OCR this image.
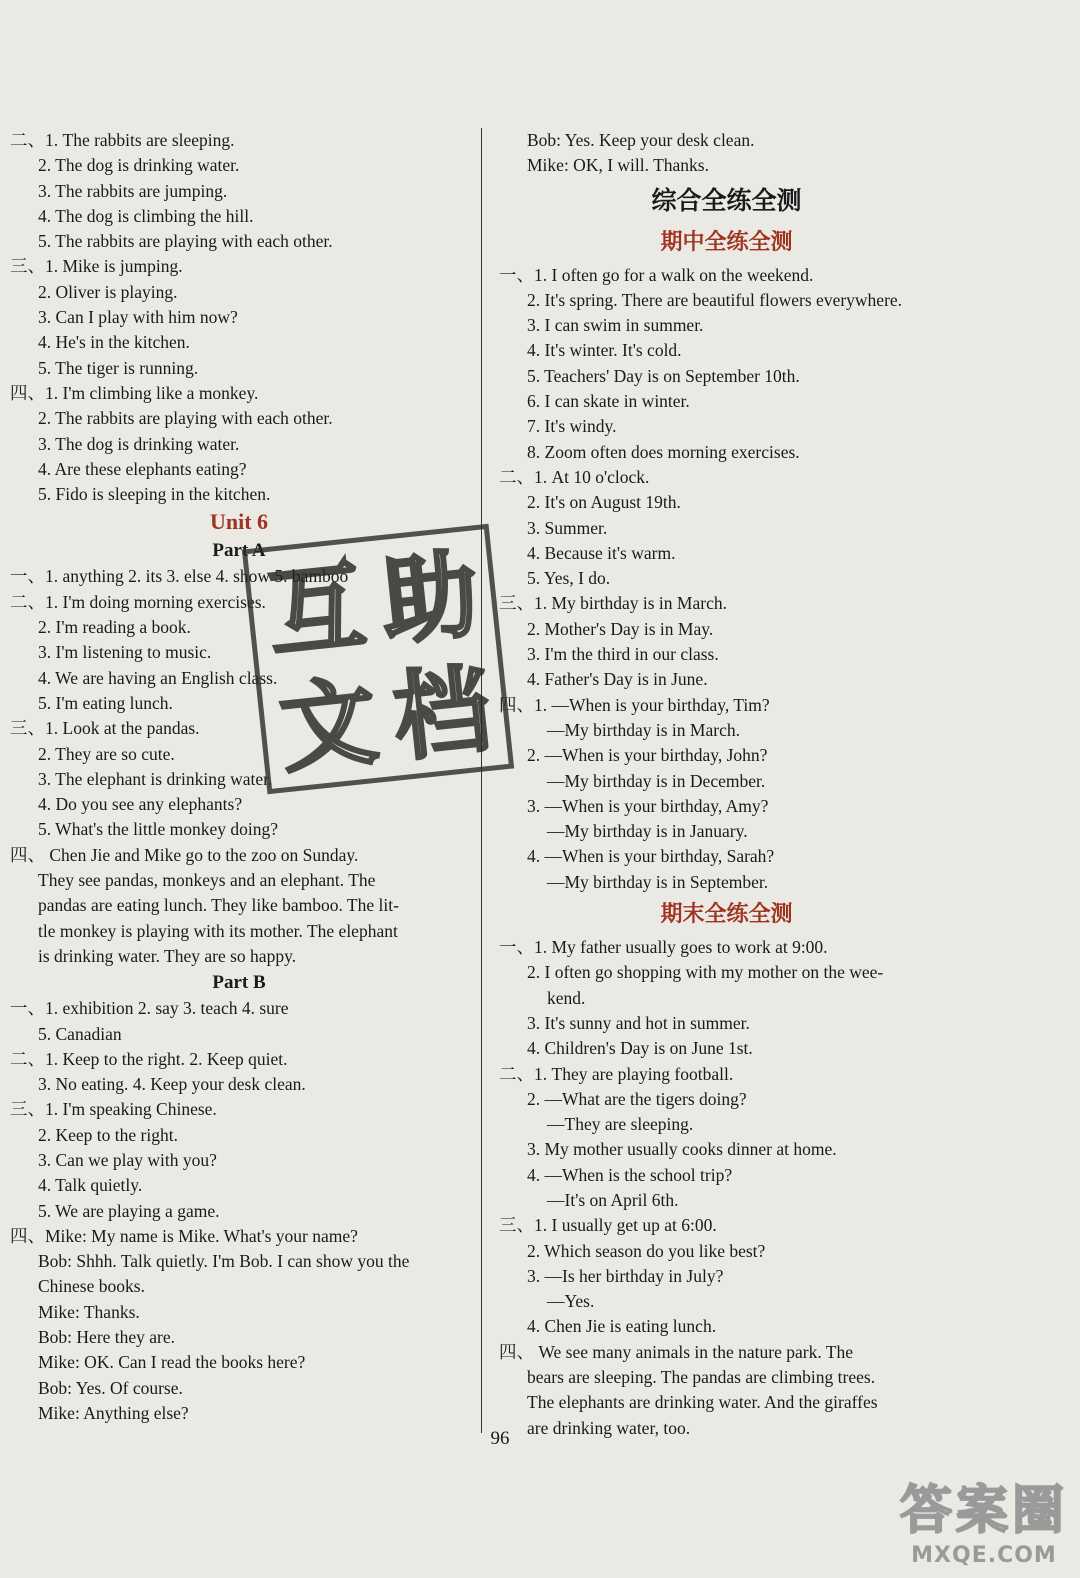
二、1. The rabbits are sleeping.
2. The dog is drinking water.
3. The rabbits are jumping.
4. The dog is climbing the hill.
5. The rabbits are playing with each other.
三、1. Mike is jumping.
2. Oliver is playing.
3. Can I play with him now?
4. He's in the kitchen.
5. The tiger is running.
四、1. I'm climbing like a monkey.
2. The rabbits are playing with each other.
3. The dog is drinking water.
4. Are these elephants eating?
5. Fido is sleeping in the kitchen.
Unit 6
Part A
一、1. anything 2. its 3. else 4. show 5. bamboo
二、1. I'm doing morning exercises.
2. I'm reading a book.
3. I'm listening to music.
4. We are having an English class.
5. I'm eating lunch.
三、1. Look at the pandas.
2. They are so cute.
3. The elephant is drinking water.
4. Do you see any elephants?
5. What's the little monkey doing?
四、 Chen Jie and Mike go to the zoo on Sunday.
They see pandas, monkeys and an elephant. The
pandas are eating lunch. They like bamboo. The lit-
tle monkey is playing with its mother. The elephant
is drinking water. They are so happy.
Part B
一、1. exhibition 2. say 3. teach 4. sure
5. Canadian
二、1. Keep to the right. 2. Keep quiet.
3. No eating. 4. Keep your desk clean.
三、1. I'm speaking Chinese.
2. Keep to the right.
3. Can we play with you?
4. Talk quietly.
5. We are playing a game.
四、Mike: My name is Mike. What's your name?
Bob: Shhh. Talk quietly. I'm Bob. I can show you the
Chinese books.
Mike: Thanks.
Bob: Here they are.
Mike: OK. Can I read the books here?
Bob: Yes. Of course.
Mike: Anything else?
Bob: Yes. Keep your desk clean.
Mike: OK, I will. Thanks.
综合全练全测
期中全练全测
一、1. I often go for a walk on the weekend.
2. It's spring. There are beautiful flowers everywhere.
3. I can swim in summer.
4. It's winter. It's cold.
5. Teachers' Day is on September 10th.
6. I can skate in winter.
7. It's windy.
8. Zoom often does morning exercises.
二、1. At 10 o'clock.
2. It's on August 19th.
3. Summer.
4. Because it's warm.
5. Yes, I do.
三、1. My birthday is in March.
2. Mother's Day is in May.
3. I'm the third in our class.
4. Father's Day is in June.
四、1. —When is your birthday, Tim?
—My birthday is in March.
2. —When is your birthday, John?
—My birthday is in December.
3. —When is your birthday, Amy?
—My birthday is in January.
4. —When is your birthday, Sarah?
—My birthday is in September.
期末全练全测
一、1. My father usually goes to work at 9:00.
2. I often go shopping with my mother on the wee-
kend.
3. It's sunny and hot in summer.
4. Children's Day is on June 1st.
二、1. They are playing football.
2. —What are the tigers doing?
—They are sleeping.
3. My mother usually cooks dinner at home.
4. —When is the school trip?
—It's on April 6th.
三、1. I usually get up at 6:00.
2. Which season do you like best?
3. —Is her birthday in July?
—Yes.
4. Chen Jie is eating lunch.
四、 We see many animals in the nature park. The
bears are sleeping. The pandas are climbing trees.
The elephants are drinking water. And the giraffes
are drinking water, too.
96
互 助
文 档
答案圈
MXQE.COM
